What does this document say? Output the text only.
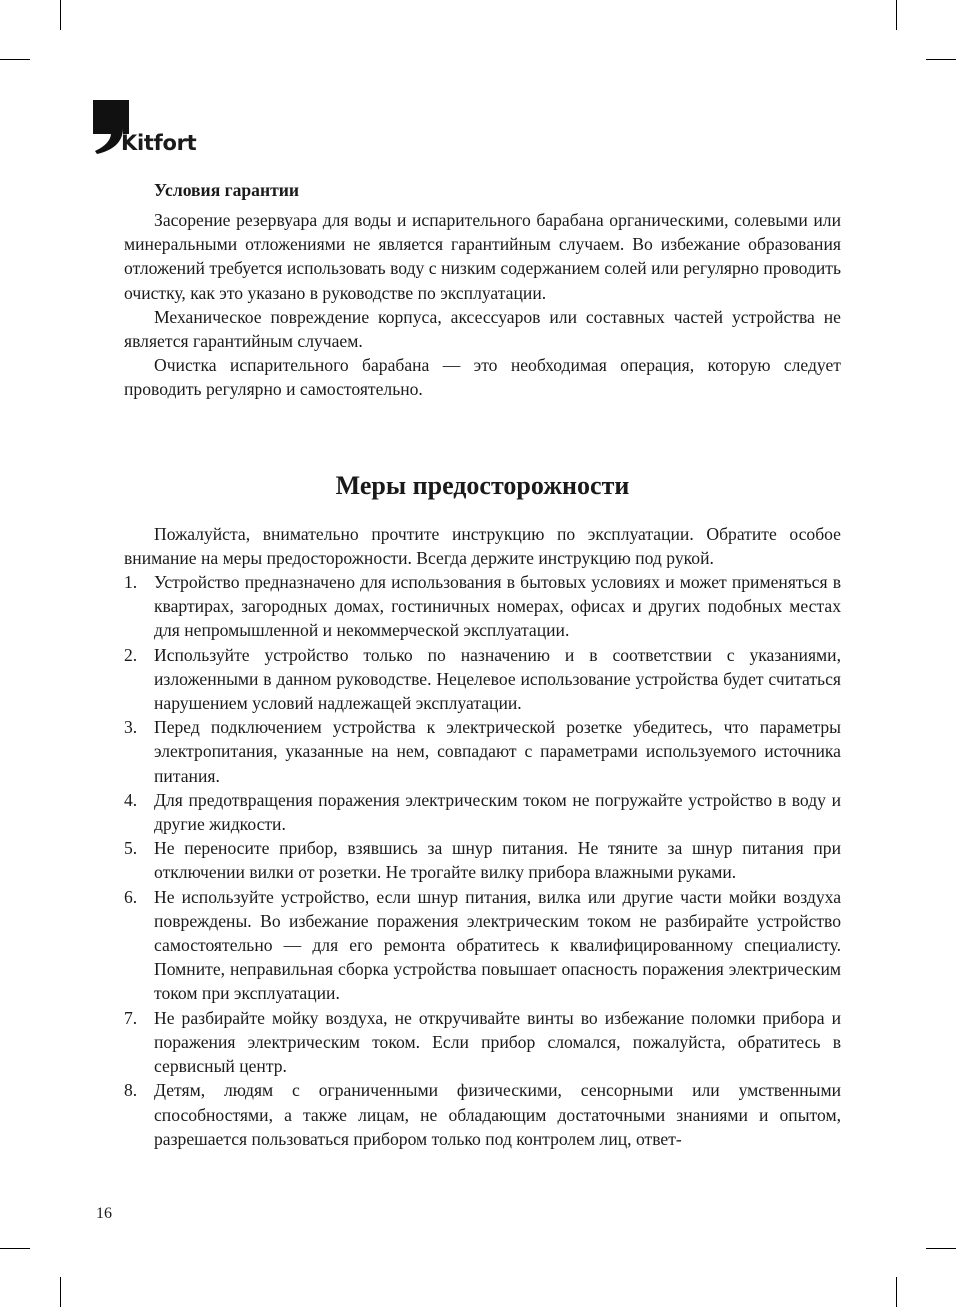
Kitfort
Условия гарантии

Засорение резервуара для воды и испарительного барабана органическими, солевыми или минеральными отложениями не является гарантийным случаем. Во избежание образования отложений требуется использовать воду с низким содержанием солей или регулярно проводить очистку, как это указано в руководстве по эксплуатации.

Механическое повреждение корпуса, аксессуаров или составных частей устройства не является гарантийным случаем.

Очистка испарительного барабана — это необходимая операция, которую следует проводить регулярно и самостоятельно.

Меры предосторожности

Пожалуйста, внимательно прочтите инструкцию по эксплуатации. Обратите особое внимание на меры предосторожности. Всегда держите инструкцию под рукой.

1. Устройство предназначено для использования в бытовых условиях и может применяться в квартирах, загородных домах, гостиничных номерах, офисах и других подобных местах для непромышленной и некоммерческой эксплуатации.
2. Используйте устройство только по назначению и в соответствии с указаниями, изложенными в данном руководстве. Нецелевое использование устройства будет считаться нарушением условий надлежащей эксплуатации.
3. Перед подключением устройства к электрической розетке убедитесь, что параметры электропитания, указанные на нем, совпадают с параметрами используемого источника питания.
4. Для предотвращения поражения электрическим током не погружайте устройство в воду и другие жидкости.
5. Не переносите прибор, взявшись за шнур питания. Не тяните за шнур питания при отключении вилки от розетки. Не трогайте вилку прибора влажными руками.
6. Не используйте устройство, если шнур питания, вилка или другие части мойки воздуха повреждены. Во избежание поражения электрическим током не разбирайте устройство самостоятельно — для его ремонта обратитесь к квалифицированному специалисту. Помните, неправильная сборка устройства повышает опасность поражения электрическим током при эксплуатации.
7. Не разбирайте мойку воздуха, не откручивайте винты во избежание поломки прибора и поражения электрическим током. Если прибор сломался, пожалуйста, обратитесь в сервисный центр.
8. Детям, людям с ограниченными физическими, сенсорными или умственными способностями, а также лицам, не обладающим достаточными знаниями и опытом, разрешается пользоваться прибором только под контролем лиц, ответ-
16
